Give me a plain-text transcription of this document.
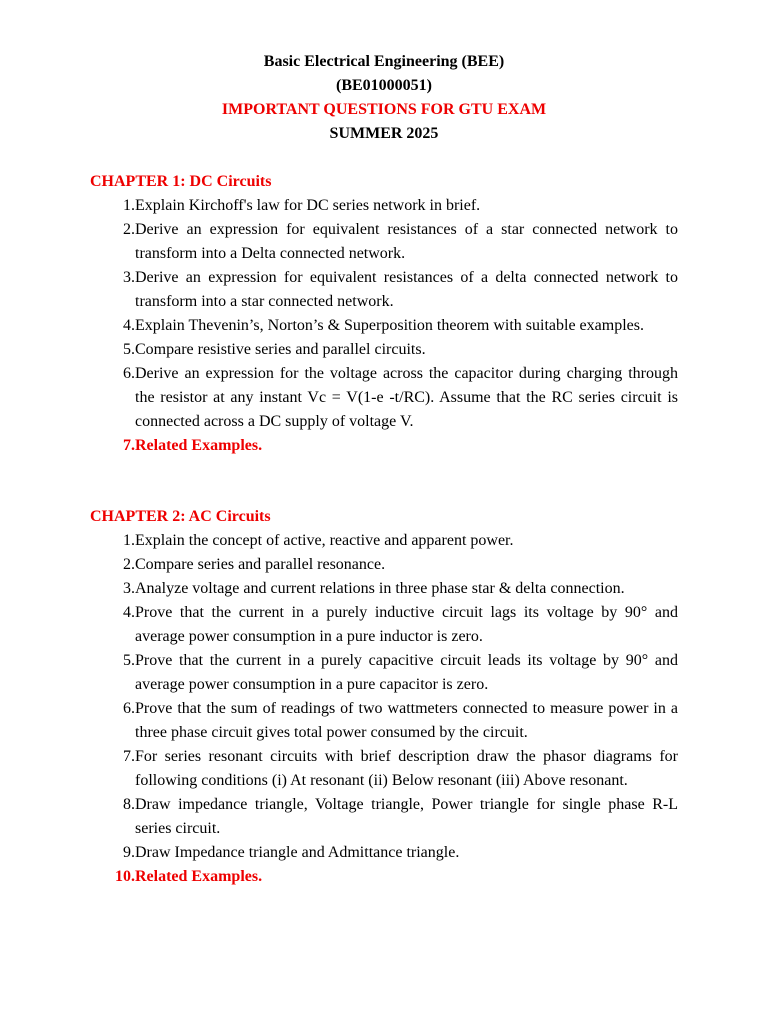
Basic Electrical Engineering (BEE)
(BE01000051)
IMPORTANT QUESTIONS FOR GTU EXAM
SUMMER 2025
CHAPTER 1: DC Circuits
1. Explain Kirchoff's law for DC series network in brief.
2. Derive an expression for equivalent resistances of a star connected network to transform into a Delta connected network.
3. Derive an expression for equivalent resistances of a delta connected network to transform into a star connected network.
4. Explain Thevenin’s, Norton’s & Superposition theorem with suitable examples.
5. Compare resistive series and parallel circuits.
6. Derive an expression for the voltage across the capacitor during charging through the resistor at any instant Vc = V(1-e -t/RC). Assume that the RC series circuit is connected across a DC supply of voltage V.
7. Related Examples.
CHAPTER 2: AC Circuits
1. Explain the concept of active, reactive and apparent power.
2. Compare series and parallel resonance.
3. Analyze voltage and current relations in three phase star & delta connection.
4. Prove that the current in a purely inductive circuit lags its voltage by 90° and average power consumption in a pure inductor is zero.
5. Prove that the current in a purely capacitive circuit leads its voltage by 90° and average power consumption in a pure capacitor is zero.
6. Prove that the sum of readings of two wattmeters connected to measure power in a three phase circuit gives total power consumed by the circuit.
7. For series resonant circuits with brief description draw the phasor diagrams for following conditions (i) At resonant (ii) Below resonant (iii) Above resonant.
8. Draw impedance triangle, Voltage triangle, Power triangle for single phase R-L series circuit.
9. Draw Impedance triangle and Admittance triangle.
10. Related Examples.
